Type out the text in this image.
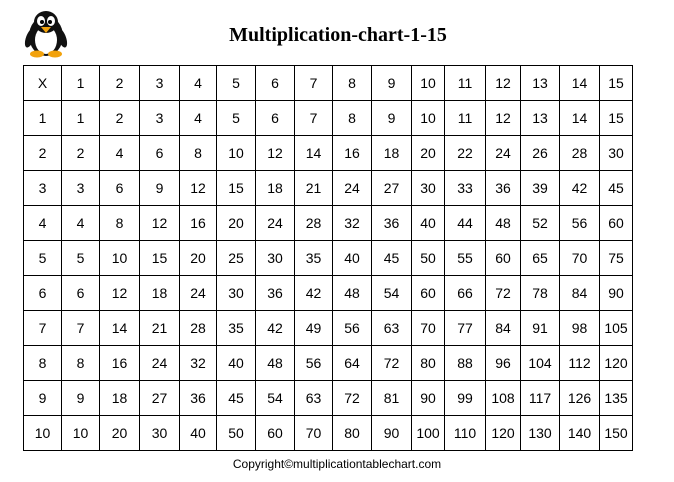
Multiplication-chart-1-15
X	1	2	3	4	5	6	7	8	9	10	11	12	13	14	15
1	1	2	3	4	5	6	7	8	9	10	11	12	13	14	15
2	2	4	6	8	10	12	14	16	18	20	22	24	26	28	30
3	3	6	9	12	15	18	21	24	27	30	33	36	39	42	45
4	4	8	12	16	20	24	28	32	36	40	44	48	52	56	60
5	5	10	15	20	25	30	35	40	45	50	55	60	65	70	75
6	6	12	18	24	30	36	42	48	54	60	66	72	78	84	90
7	7	14	21	28	35	42	49	56	63	70	77	84	91	98	105
8	8	16	24	32	40	48	56	64	72	80	88	96	104	112	120
9	9	18	27	36	45	54	63	72	81	90	99	108	117	126	135
10	10	20	30	40	50	60	70	80	90	100	110	120	130	140	150
Copyright©multiplicationtablechart.com
